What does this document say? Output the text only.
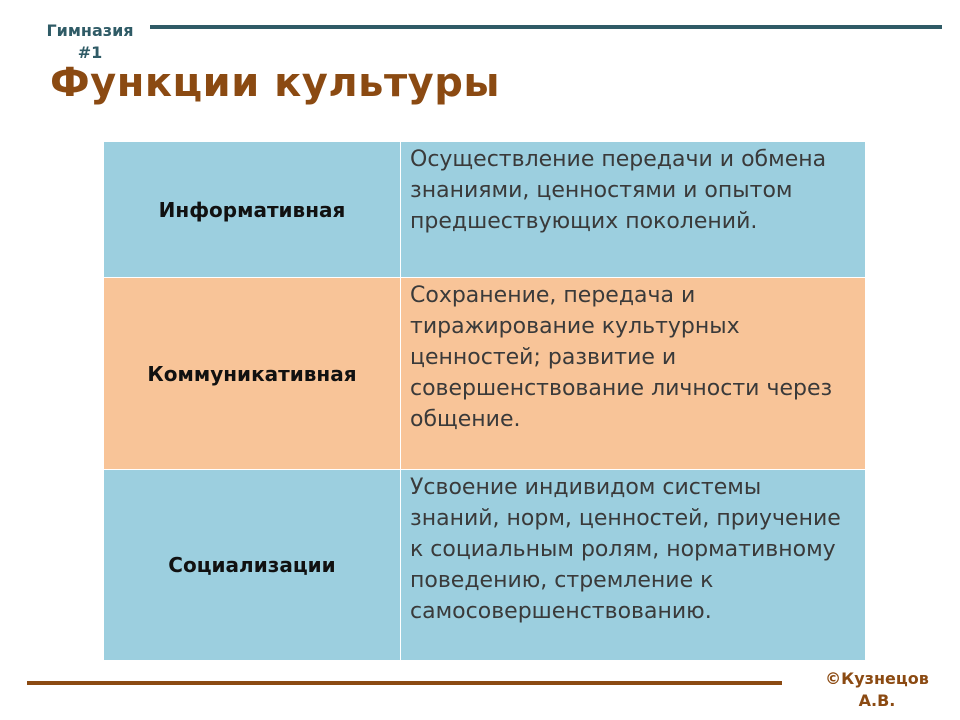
Гимназия
#1
Функции культуры
Информативная	Осуществление передачи и обмена знаниями, ценностями и опытом предшествующих поколений.
Коммуникативная	Сохранение, передача и тиражирование культурных ценностей; развитие и совершенствование личности через общение.
Социализации	Усвоение индивидом системы знаний, норм, ценностей, приучение к социальным ролям, нормативному поведению, стремление к самосовершенствованию.
©Кузнецов
А.В.
